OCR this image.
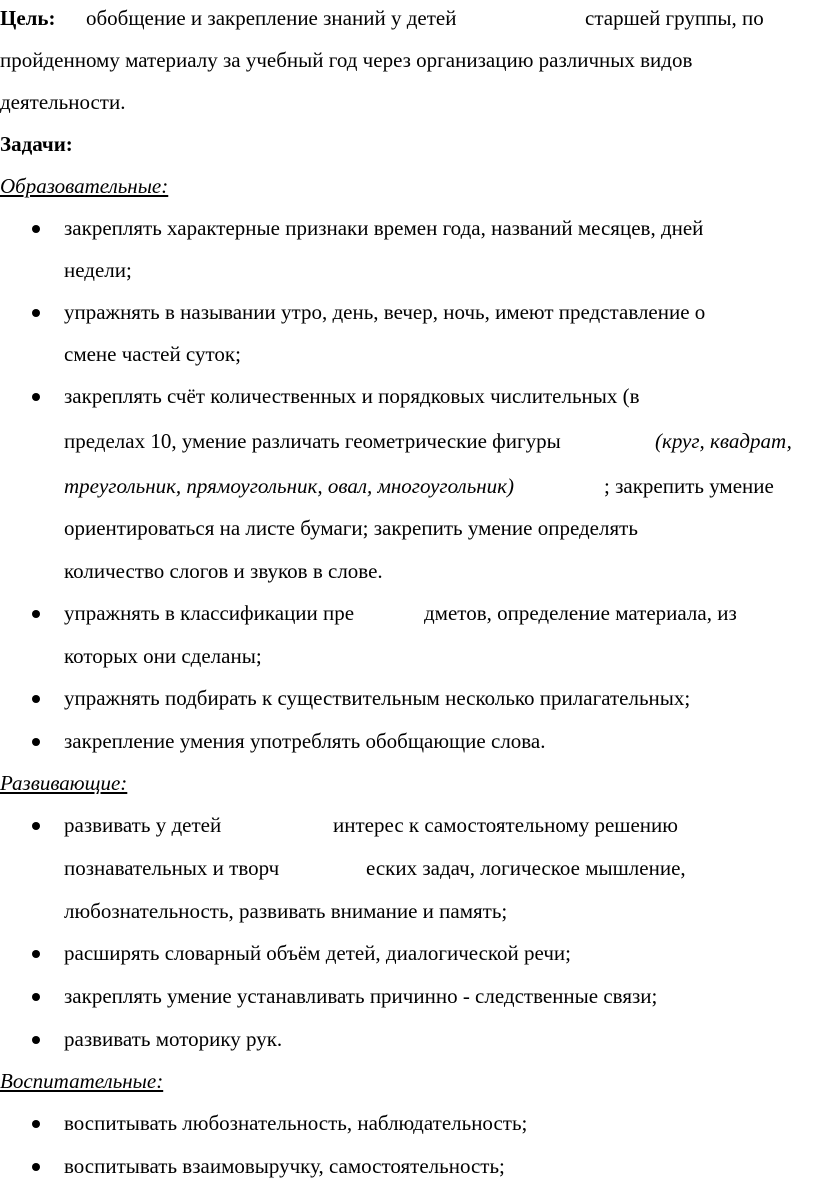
Цель: обобщение и закрепление знаний у детей	старшей группы, по
пройденному материалу за учебный год через организацию различных видов
деятельности.
Задачи:
Образовательные:
закреплять характерные признаки времен года, названий месяцев, дней
недели;
упражнять в назывании утро, день, вечер, ночь, имеют представление о
смене частей суток;
закреплять счёт количественных и порядковых числительных (в
пределах 10, умение различать геометрические фигуры	(круг, квадрат,
треугольник, прямоугольник, овал, многоугольник)	; закрепить умение
ориентироваться на листе бумаги; закрепить умение определять
количество слогов и звуков в слове.
упражнять в классификации пре	дметов, определение материала, из
которых они сделаны;
упражнять подбирать к существительным несколько прилагательных;
закрепление умения употреблять обобщающие слова.
Развивающие:
развивать у детей	интерес к самостоятельному решению
познавательных и творч	еских задач, логическое мышление,
любознательность, развивать внимание и память;
расширять словарный объём детей, диалогической речи;
закреплять умение устанавливать причинно - следственные связи;
развивать моторику рук.
Воспитательные:
воспитывать любознательность, наблюдательность;
воспитывать взаимовыручку, самостоятельность;
